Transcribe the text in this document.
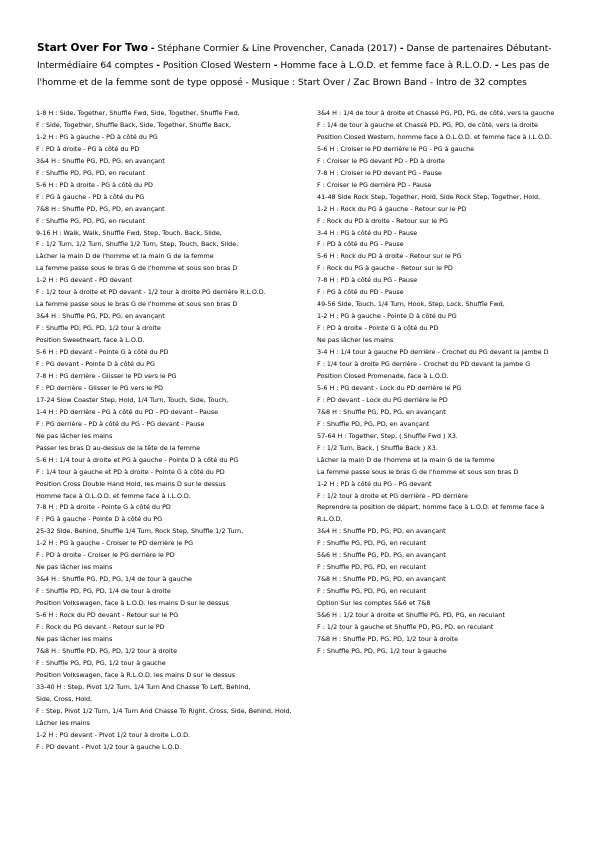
Start Over For Two - Stéphane Cormier & Line Provencher, Canada (2017) - Danse de partenaires Débutant-Intermédiaire 64 comptes - Position Closed Western - Homme face à L.O.D. et femme face à R.L.O.D. - Les pas de l'homme et de la femme sont de type opposé - Musique : Start Over / Zac Brown Band - Intro de 32 comptes
1-8 H : Side, Together, Shuffle Fwd, Side, Together, Shuffle Fwd,
F : Side, Together, Shuffle Back, Side, Together, Shuffle Back,
1-2 H : PG à gauche - PD à côté du PG
F : PD à droite - PG à côté du PD
3&4 H : Shuffle PG, PD, PG, en avançant
F : Shuffle PD, PG, PD, en reculant
5-6 H : PD à droite - PG à côté du PD
F : PG à gauche - PD à côté du PG
7&8 H : Shuffle PD, PG, PD, en avançant
F : Shuffle PG, PD, PG, en reculant
9-16 H : Walk, Walk, Shuffle Fwd, Step, Touch, Back, Slide,
F : 1/2 Turn, 1/2 Turn, Shuffle 1/2 Turn, Step, Touch, Back, Slide,
Lâcher la main D de l'homme et la main G de la femme
La femme passe sous le bras G de l'homme et sous son bras D
1-2 H : PG devant - PD devant
F : 1/2 tour à droite et PD devant - 1/2 tour à droite PG derrière R.L.O.D.
La femme passe sous le bras G de l'homme et sous son bras D
3&4 H : Shuffle PG, PD, PG, en avançant
F : Shuffle PD, PG, PD, 1/2 tour à droite
Position Sweetheart, face à L.O.D.
5-6 H : PD devant - Pointe G à côté du PD
F : PG devant - Pointe D à côté du PG
7-8 H : PG derrière - Glisser le PD vers le PG
F : PD derrière - Glisser le PG vers le PD
17-24 Slow Coaster Step, Hold, 1/4 Turn, Touch, Side, Touch,
1-4 H : PD derrière - PG à côté du PD - PD devant - Pause
F : PG derrière - PD à côté du PG - PG devant - Pause
Ne pas lâcher les mains
Passer les bras D au-dessus de la tête de la femme
5-6 H : 1/4 tour à droite et PG à gauche - Pointe D à côté du PG
F : 1/4 tour à gauche et PD à droite - Pointe G à côté du PD
Position Cross Double Hand Hold, les mains D sur le dessus
Homme face à O.L.O.D. et femme face à I.L.O.D.
7-8 H : PD à droite - Pointe G à côté du PD
F : PG à gauche - Pointe D à côté du PG
25-32 Side, Behind, Shuffle 1/4 Turn, Rock Step, Shuffle 1/2 Turn,
1-2 H : PG à gauche - Croiser le PD derrière le PG
F : PD à droite - Croiser le PG derrière le PD
Ne pas lâcher les mains
3&4 H : Shuffle PG, PD, PG, 1/4 de tour à gauche
F : Shuffle PD, PG, PD, 1/4 de tour à droite
Position Volkswagen, face à L.O.D. les mains D sur le dessus
5-6 H : Rock du PD devant - Retour sur le PG
F : Rock du PG devant - Retour sur le PD
Ne pas lâcher les mains
7&8 H : Shuffle PD, PG, PD, 1/2 tour à droite
F : Shuffle PG, PD, PG, 1/2 tour à gauche
Position Volkswagen, face à R.L.O.D. les mains D sur le dessus
33-40 H : Step, Pivot 1/2 Turn, 1/4 Turn And Chasse To Left, Behind,
Side, Cross, Hold,
F : Step, Pivot 1/2 Turn, 1/4 Turn And Chasse To Right, Cross, Side, Behind, Hold,
Lâcher les mains
1-2 H : PG devant - Pivot 1/2 tour à droite L.O.D.
F : PD devant - Pivot 1/2 tour à gauche L.O.D.
3&4 H : 1/4 de tour à droite et Chassé PG, PD, PG, de côté, vers la gauche
F : 1/4 de tour à gauche et Chassé PD, PG, PD, de côté, vers la droite
Position Closed Western, homme face à O.L.O.D. et femme face à I.L.O.D.
5-6 H : Croiser le PD derrière le PG - PG à gauche
F : Croiser le PG devant PD - PD à droite
7-8 H : Croiser le PD devant PG - Pause
F : Croiser le PG derrière PD - Pause
41-48 Side Rock Step, Together, Hold, Side Rock Step, Together, Hold,
1-2 H : Rock du PG à gauche - Retour sur le PD
F : Rock du PD à droite - Retour sur le PG
3-4 H : PG à côté du PD - Pause
F : PD à côté du PG - Pause
5-6 H : Rock du PD à droite - Retour sur le PG
F : Rock du PG à gauche - Retour sur le PD
7-8 H : PD à côté du PG - Pause
F : PG à côté du PD - Pause
49-56 Side, Touch, 1/4 Turn, Hook, Step, Lock, Shuffle Fwd,
1-2 H : PG à gauche - Pointe D à côté du PG
F : PD à droite - Pointe G à côté du PD
Ne pas lâcher les mains
3-4 H : 1/4 tour à gauche PD derrière - Crochet du PG devant la jambe D
F : 1/4 tour à droite PG derrière - Crochet du PD devant la jambe G
Position Closed Promenade, face à L.O.D.
5-6 H : PG devant - Lock du PD derrière le PG
F : PD devant - Lock du PG derrière le PD
7&8 H : Shuffle PG, PD, PG, en avançant
F : Shuffle PD, PG, PD, en avançant
57-64 H : Together, Step, ( Shuffle Fwd ) X3.
F : 1/2 Turn, Back, ( Shuffle Back ) X3.
Lâcher la main D de l'homme et la main G de la femme
La femme passe sous le bras G de l'homme et sous son bras D
1-2 H : PD à côté du PG - PG devant
F : 1/2 tour à droite et PG derrière - PD derrière
Reprendre la position de départ, homme face à L.O.D. et femme face à R.L.O.D.
3&4 H : Shuffle PD, PG, PD, en avançant
F : Shuffle PG, PD, PG, en reculant
5&6 H : Shuffle PG, PD, PG, en avançant
F : Shuffle PD, PG, PD, en reculant
7&8 H : Shuffle PD, PG, PD, en avançant
F : Shuffle PG, PD, PG, en reculant
Option Sur les comptes 5&6 et 7&8
5&6 H : 1/2 tour à droite et Shuffle PG, PD, PG, en reculant
F : 1/2 tour à gauche et Shuffle PD, PG, PD, en reculant
7&8 H : Shuffle PD, PG, PD, 1/2 tour à droite
F : Shuffle PG, PD, PG, 1/2 tour à gauche
